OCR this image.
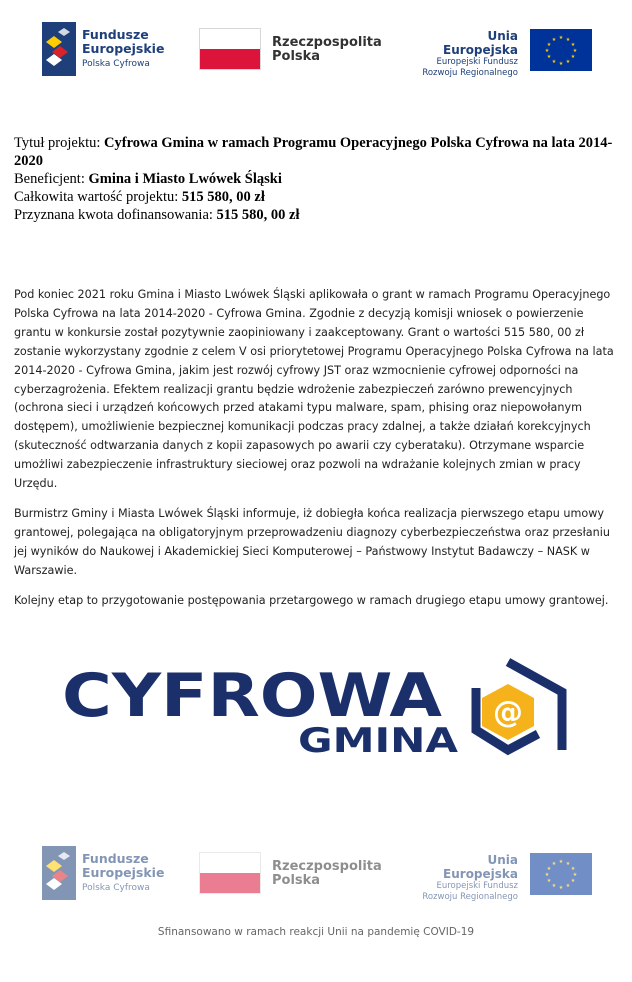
Fundusze
Europejskie
Polska Cyfrowa
Rzeczpospolita
Polska
Unia Europejska
Europejski Fundusz
Rozwoju Regionalnego
★ ★
★
★
★
★
★
★
★
★
★
★
Tytuł projektu: Cyfrowa Gmina w ramach Programu Operacyjnego Polska Cyfrowa na lata 2014-2020
Beneficjent: Gmina i Miasto Lwówek Śląski
Całkowita wartość projektu: 515 580, 00 zł
Przyznana kwota dofinansowania: 515 580, 00 zł

Pod koniec 2021 roku Gmina i Miasto Lwówek Śląski aplikowała o grant w ramach Programu Operacyjnego Polska Cyfrowa na lata 2014-2020 - Cyfrowa Gmina. Zgodnie z decyzją komisji wniosek o powierzenie grantu w konkursie został pozytywnie zaopiniowany i zaakceptowany. Grant o wartości 515 580, 00 zł zostanie wykorzystany zgodnie z celem V osi priorytetowej Programu Operacyjnego Polska Cyfrowa na lata 2014-2020 - Cyfrowa Gmina, jakim jest rozwój cyfrowy JST oraz wzmocnienie cyfrowej odporności na cyberzagrożenia. Efektem realizacji grantu będzie wdrożenie zabezpieczeń zarówno prewencyjnych (ochrona sieci i urządzeń końcowych przed atakami typu malware, spam, phising oraz niepowołanym dostępem), umożliwienie bezpiecznej komunikacji podczas pracy zdalnej, a także działań korekcyjnych (skuteczność odtwarzania danych z kopii zapasowych po awarii czy cyberataku). Otrzymane wsparcie umożliwi zabezpieczenie infrastruktury sieciowej oraz pozwoli na wdrażanie kolejnych zmian w pracy Urzędu.

Burmistrz Gminy i Miasta Lwówek Śląski informuje, iż dobiegła końca realizacja pierwszego etapu umowy grantowej, polegająca na obligatoryjnym przeprowadzeniu diagnozy cyberbezpieczeństwa oraz przesłaniu jej wyników do Naukowej i Akademickiej Sieci Komputerowej – Państwowy Instytut Badawczy – NASK w Warszawie.

Kolejny etap to przygotowanie postępowania przetargowego w ramach drugiego etapu umowy grantowej.

CYFROWA
GMINA
@
Fundusze
Europejskie
Polska Cyfrowa
Rzeczpospolita
Polska
Unia Europejska
Europejski Fundusz
Rozwoju Regionalnego
★ ★
★
★
★
★
★
★
★
★
★
★
Sfinansowano w ramach reakcji Unii na pandemię COVID-19
